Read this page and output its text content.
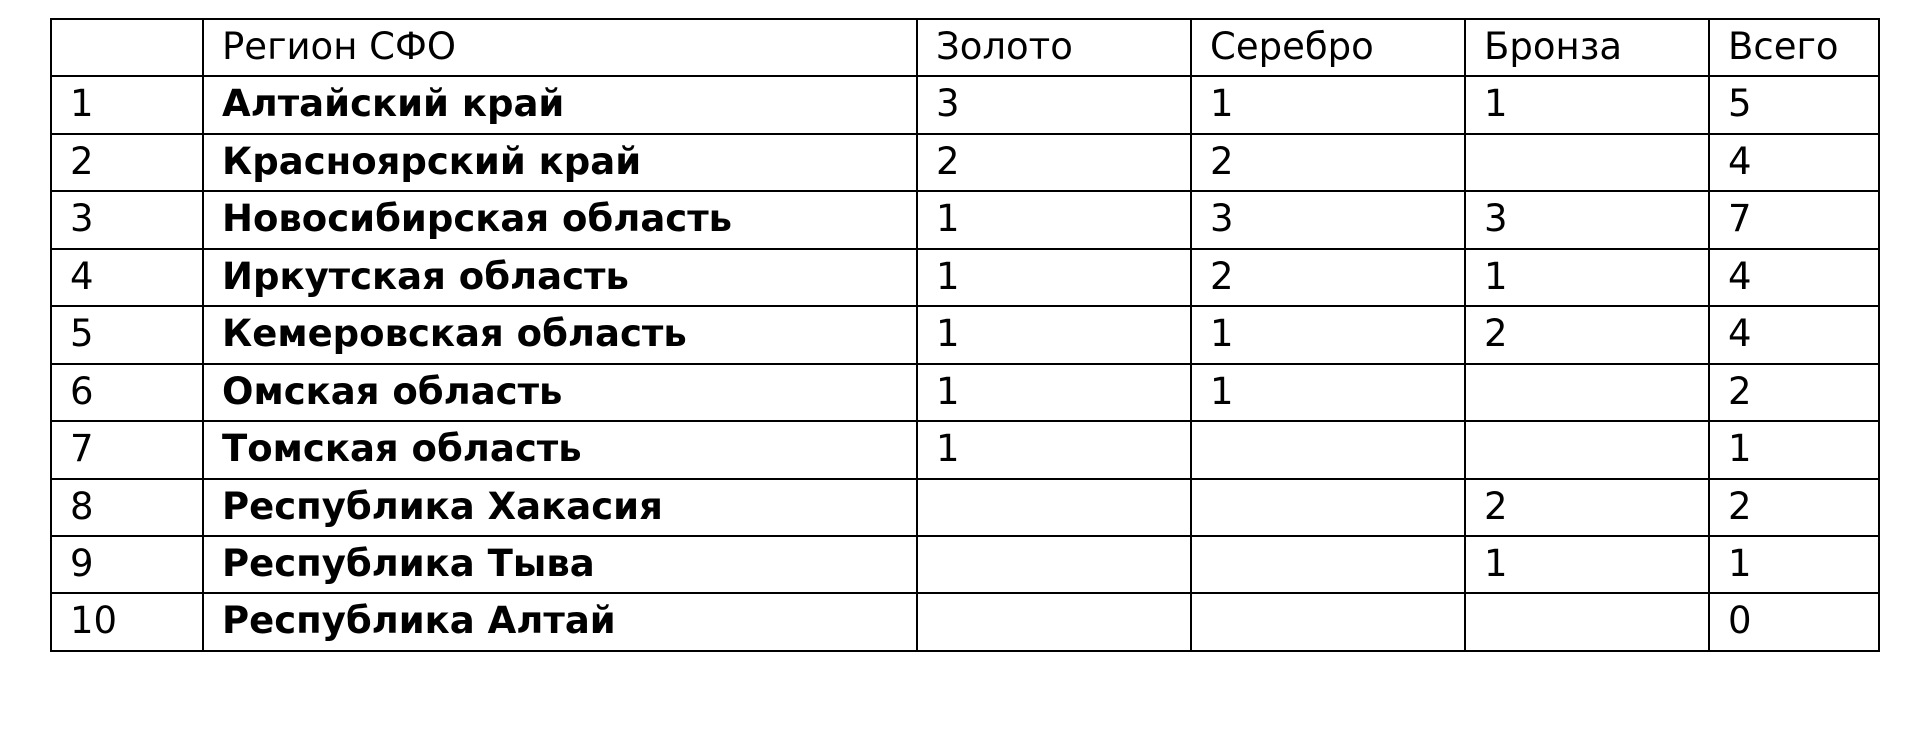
	Регион СФО	Золото	Серебро	Бронза	Всего
1	Алтайский край	3	1	1	5
2	Красноярский край	2	2		4
3	Новосибирская область	1	3	3	7
4	Иркутская область	1	2	1	4
5	Кемеровская область	1	1	2	4
6	Омская область	1	1		2
7	Томская область	1			1
8	Республика Хакасия			2	2
9	Республика Тыва			1	1
10	Республика Алтай				0
